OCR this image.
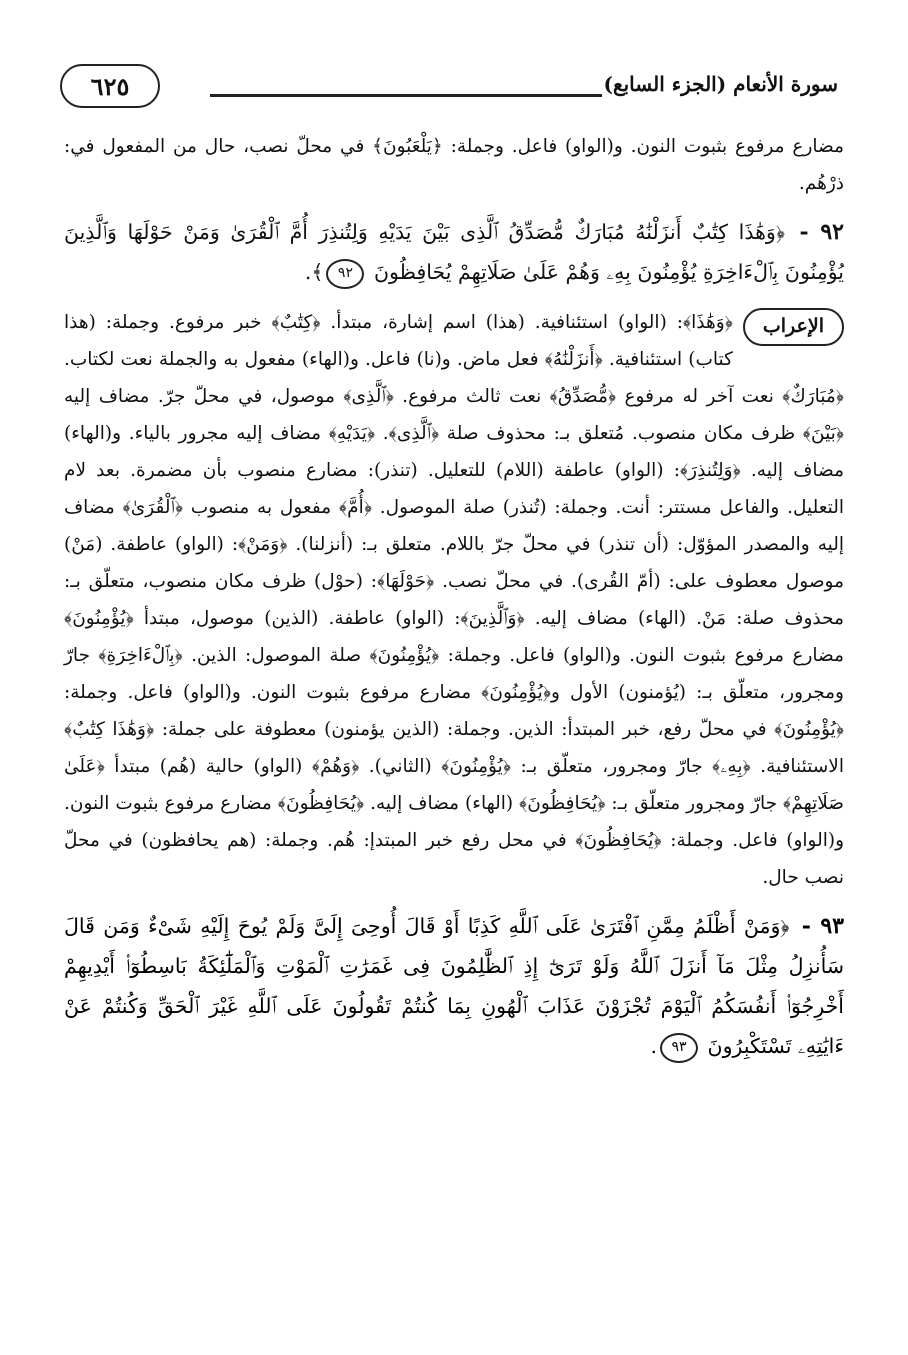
٦٢٥	سورة الأنعام (الجزء السابع)

مضارع مرفوع بثبوت النون. و(الواو) فاعل. وجملة: ﴿يَلْعَبُونَ﴾ في محلّ نصب، حال من المفعول في: ذرْهُم.

٩٢ - ﴿وَهَٰذَا كِتَٰبٌ أَنزَلْنَٰهُ مُبَارَكٌ مُّصَدِّقُ ٱلَّذِى بَيْنَ يَدَيْهِ وَلِتُنذِرَ أُمَّ ٱلْقُرَىٰ وَمَنْ حَوْلَهَا وَٱلَّذِينَ يُؤْمِنُونَ بِٱلْءَاخِرَةِ يُؤْمِنُونَ بِهِۦ وَهُمْ عَلَىٰ صَلَاتِهِمْ يُحَافِظُونَ ٩٢﴾.

الإعراب

﴿وَهَٰذَا﴾: (الواو) استئنافية. (هذا) اسم إشارة، مبتدأ. ﴿كِتَٰبٌ﴾ خبر مرفوع. وجملة: (هذا كتاب) استئنافية. ﴿أَنزَلْنَٰهُ﴾ فعل ماض. و(نا) فاعل. و(الهاء) مفعول به والجملة نعت لكتاب. ﴿مُبَارَكٌ﴾ نعت آخر له مرفوع ﴿مُّصَدِّقُ﴾ نعت ثالث مرفوع. ﴿ٱلَّذِى﴾ موصول، في محلّ جرّ. مضاف إليه ﴿بَيْنَ﴾ ظرف مكان منصوب. مُتعلق بـ: محذوف صلة ﴿ٱلَّذِى﴾. ﴿يَدَيْهِ﴾ مضاف إليه مجرور بالياء. و(الهاء) مضاف إليه. ﴿وَلِتُنذِرَ﴾: (الواو) عاطفة (اللام) للتعليل. (تنذر): مضارع منصوب بأن مضمرة. بعد لام التعليل. والفاعل مستتر: أنت. وجملة: (تُنذر) صلة الموصول. ﴿أُمَّ﴾ مفعول به منصوب ﴿ٱلْقُرَىٰ﴾ مضاف إليه والمصدر المؤوّل: (أن تنذر) في محلّ جرّ باللام. متعلق بـ: (أنزلنا). ﴿وَمَنْ﴾: (الواو) عاطفة. (مَنْ) موصول معطوف على: (أمّ القُرى). في محلّ نصب. ﴿حَوْلَهَا﴾: (حوْل) ظرف مكان منصوب، متعلّق بـ: محذوف صلة: مَنْ. (الهاء) مضاف إليه. ﴿وَٱلَّذِينَ﴾: (الواو) عاطفة. (الذين) موصول، مبتدأ ﴿يُؤْمِنُونَ﴾ مضارع مرفوع بثبوت النون. و(الواو) فاعل. وجملة: ﴿يُؤْمِنُونَ﴾ صلة الموصول: الذين. ﴿بِٱلْءَاخِرَةِ﴾ جارّ ومجرور، متعلّق بـ: (يُؤمنون) الأول و﴿يُؤْمِنُونَ﴾ مضارع مرفوع بثبوت النون. و(الواو) فاعل. وجملة: ﴿يُؤْمِنُونَ﴾ في محلّ رفع، خبر المبتدأ: الذين. وجملة: (الذين يؤمنون) معطوفة على جملة: ﴿وَهَٰذَا كِتَٰبٌ﴾ الاستئنافية. ﴿بِهِۦ﴾ جارّ ومجرور، متعلّق بـ: ﴿يُؤْمِنُونَ﴾ (الثاني). ﴿وَهُمْ﴾ (الواو) حالية (هُم) مبتدأ ﴿عَلَىٰ صَلَاتِهِمْ﴾ جارّ ومجرور متعلّق بـ: ﴿يُحَافِظُونَ﴾ (الهاء) مضاف إليه. ﴿يُحَافِظُونَ﴾ مضارع مرفوع بثبوت النون. و(الواو) فاعل. وجملة: ﴿يُحَافِظُونَ﴾ في محل رفع خبر المبتدإ: هُم. وجملة: (هم يحافظون) في محلّ نصب حال.

٩٣ - ﴿وَمَنْ أَظْلَمُ مِمَّنِ ٱفْتَرَىٰ عَلَى ٱللَّهِ كَذِبًا أَوْ قَالَ أُوحِىَ إِلَىَّ وَلَمْ يُوحَ إِلَيْهِ شَىْءٌ وَمَن قَالَ سَأُنزِلُ مِثْلَ مَآ أَنزَلَ ٱللَّهُ وَلَوْ تَرَىٰٓ إِذِ ٱلظَّٰلِمُونَ فِى غَمَرَٰتِ ٱلْمَوْتِ وَٱلْمَلَٰٓئِكَةُ بَاسِطُوٓا۟ أَيْدِيهِمْ أَخْرِجُوٓا۟ أَنفُسَكُمُ ٱلْيَوْمَ تُجْزَوْنَ عَذَابَ ٱلْهُونِ بِمَا كُنتُمْ تَقُولُونَ عَلَى ٱللَّهِ غَيْرَ ٱلْحَقِّ وَكُنتُمْ عَنْ ءَايَٰتِهِۦ تَسْتَكْبِرُونَ ٩٣.
